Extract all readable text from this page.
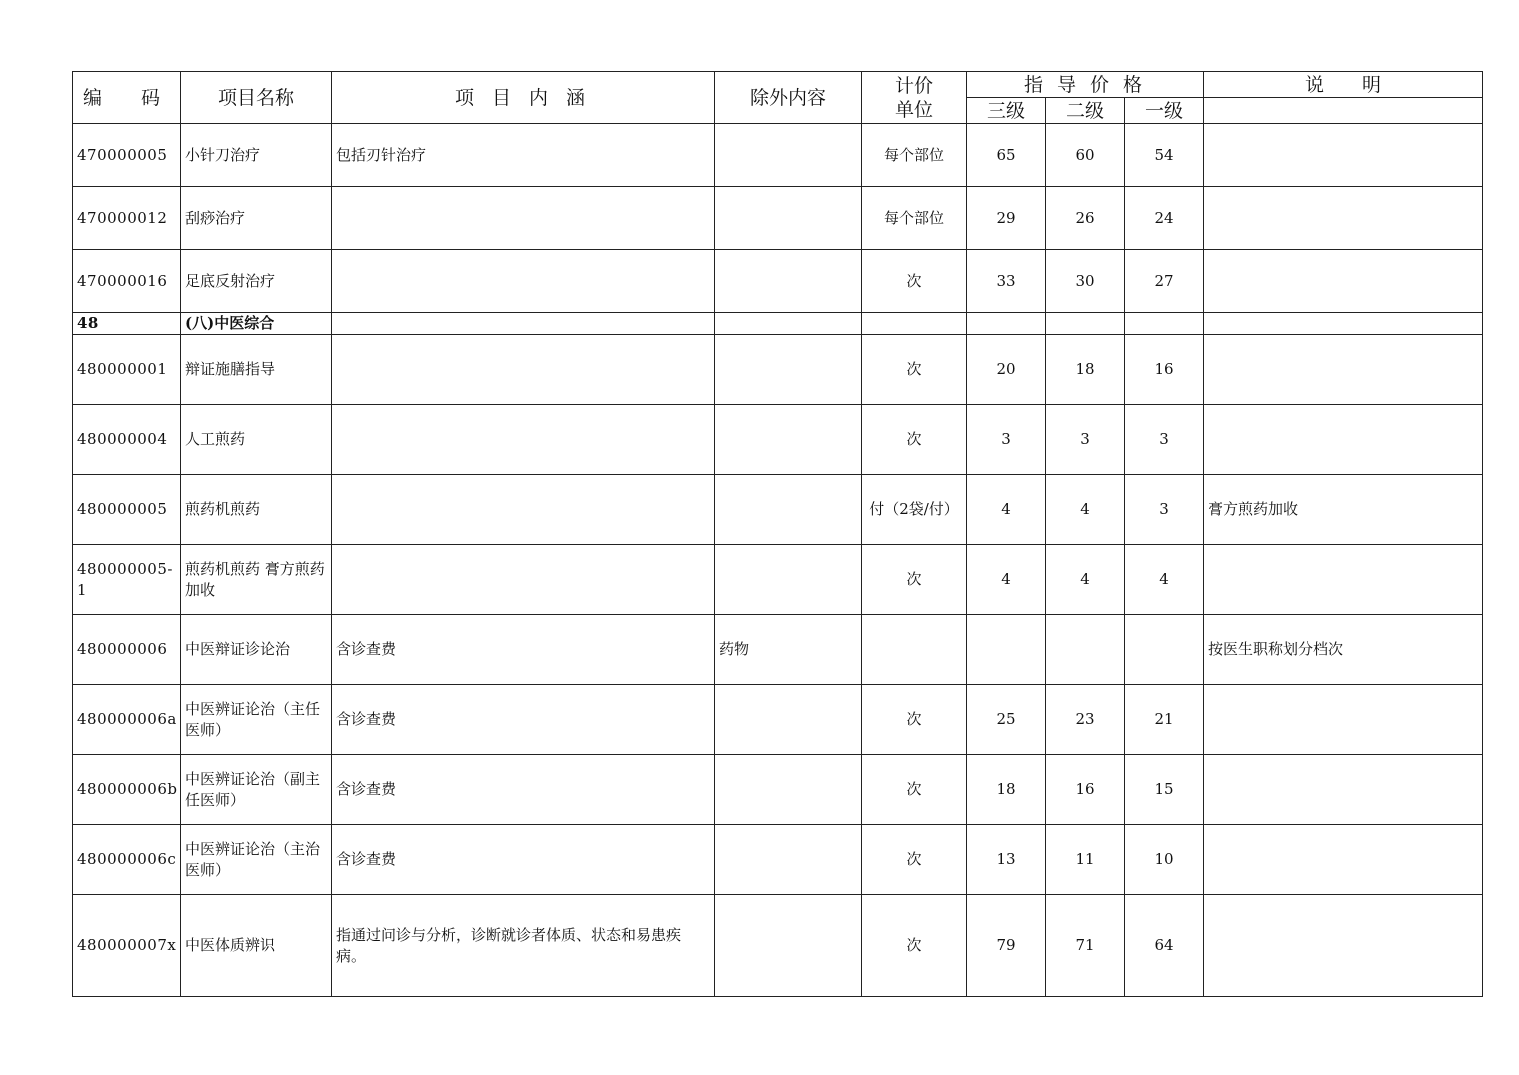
编　码	项目名称	项 目 内 涵	除外内容	计价
单位	指 导 价 格			说　　明
					三级	二级	一级	
470000005	小针刀治疗	包括刃针治疗		每个部位	65	60	54	
470000012	刮痧治疗			每个部位	29	26	24	
470000016	足底反射治疗			次	33	30	27	
48	(八)中医综合							
480000001	辩证施膳指导			次	20	18	16	
480000004	人工煎药			次	3	3	3	
480000005	煎药机煎药			付（2袋/付）	4	4	3	膏方煎药加收
480000005-1	煎药机煎药 膏方煎药加收			次	4	4	4	
480000006	中医辩证诊论治	含诊查费	药物					按医生职称划分档次
480000006a	中医辨证论治（主任医师）	含诊查费		次	25	23	21	
480000006b	中医辨证论治（副主任医师）	含诊查费		次	18	16	15	
480000006c	中医辨证论治（主治医师）	含诊查费		次	13	11	10	
480000007x	中医体质辨识	指通过问诊与分析，诊断就诊者体质、状态和易患疾病。		次	79	71	64	
